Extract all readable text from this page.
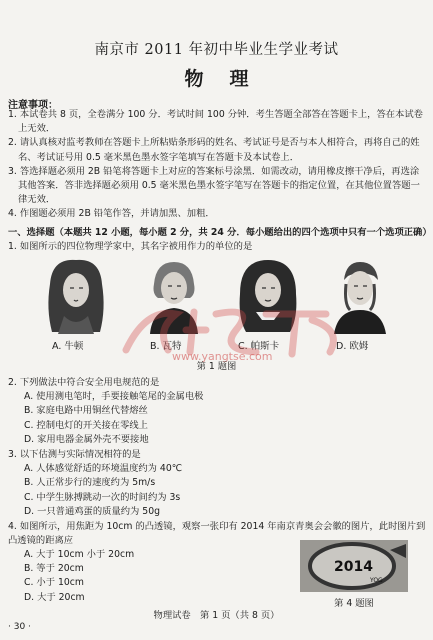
南京市 2011 年初中毕业生学业考试
物理
注意事项：

1. 本试卷共 8 页，全卷满分 100 分．考试时间 100 分钟．考生答题全部答在答题卡上，答在本试卷上无效．

2. 请认真核对监考教师在答题卡上所粘贴条形码的姓名、考试证号是否与本人相符合，再将自己的姓名、考试证号用 0.5 毫米黑色墨水签字笔填写在答题卡及本试卷上．

3. 答选择题必须用 2B 铅笔将答题卡上对应的答案标号涂黑．如需改动，请用橡皮擦干净后，再选涂其他答案．答非选择题必须用 0.5 毫米黑色墨水签字笔写在答题卡的指定位置，在其他位置答题一律无效．

4. 作图题必须用 2B 铅笔作答，并请加黑、加粗．

一、选择题（本题共 12 小题，每小题 2 分，共 24 分．每小题给出的四个选项中只有一个选项正确）
1. 如图所示的四位物理学家中，其名字被用作力的单位的是
A. 牛顿	B. 瓦特	C. 帕斯卡	D. 欧姆
www.yangtse.com
第 1 题图
2. 下列做法中符合安全用电规范的是
A. 使用测电笔时，手要接触笔尾的金属电极
B. 家庭电路中用铜丝代替熔丝
C. 控制电灯的开关接在零线上
D. 家用电器金属外壳不要接地
3. 以下估测与实际情况相符的是
A. 人体感觉舒适的环境温度约为 40℃
B. 人正常步行的速度约为 5m/s
C. 中学生脉搏跳动一次的时间约为 3s
D. 一只普通鸡蛋的质量约为 50g
4. 如图所示，用焦距为 10cm 的凸透镜，观察一张印有 2014 年南京青奥会会徽的图片，此时图片到凸透镜的距离应
A. 大于 10cm 小于 20cm
B. 等于 20cm
C. 小于 10cm
D. 大于 20cm
2014
YOG
第 4 题图
物理试卷　第 1 页（共 8 页）
· 30 ·
